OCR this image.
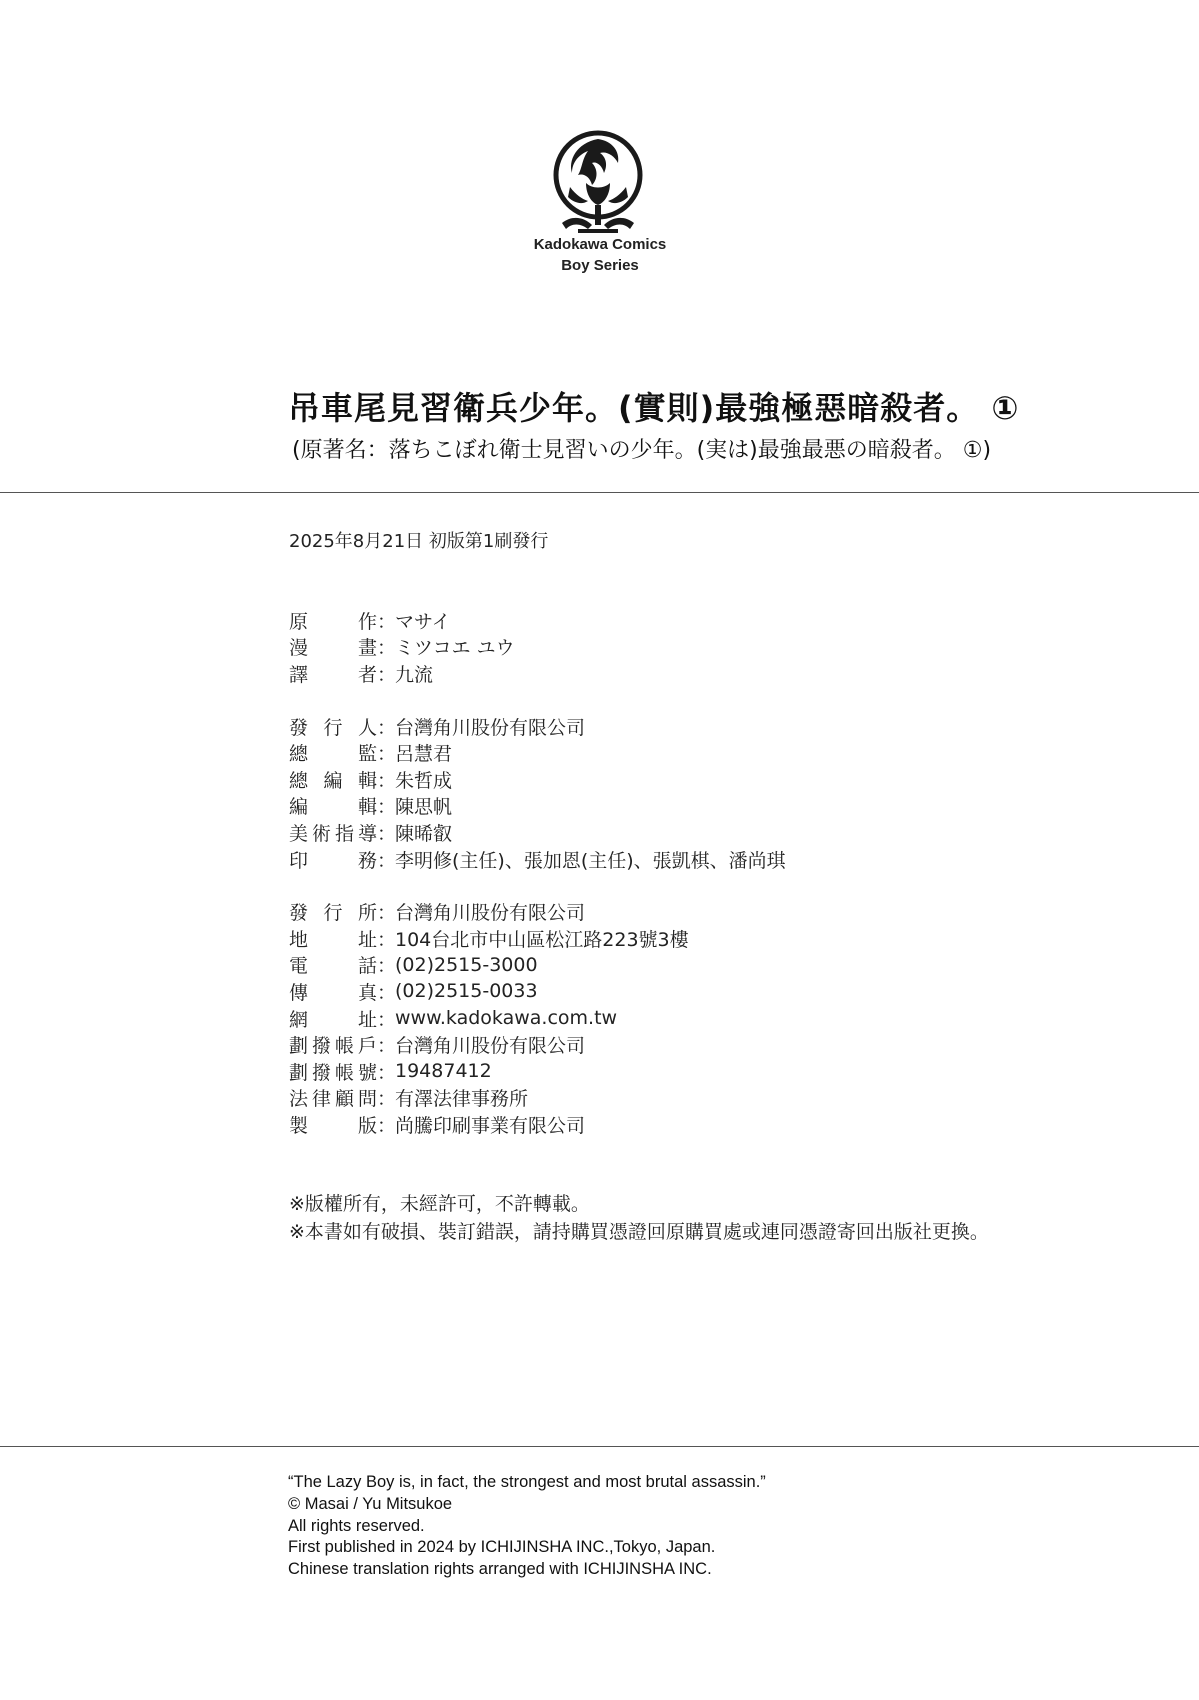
Kadokawa Comics
Boy Series
吊車尾見習衛兵少年。(實則)最強極惡暗殺者。 ①
(原著名：落ちこぼれ衛士見習いの少年。(実は)最強最悪の暗殺者。 ①)
2025年8月21日 初版第1刷發行
原作 ：
マサイ
漫畫 ：
ミツコエ ユウ
譯者 ：
九流
發行人 ：
台灣角川股份有限公司
總監 ：
呂慧君
總編輯 ：
朱哲成
編輯 ：
陳思帆
美術指導 ：
陳晞叡
印務 ：
李明修(主任)、張加恩(主任)、張凱棋、潘尚琪
發行所 ：
台灣角川股份有限公司
地址 ：
104台北市中山區松江路223號3樓
電話 ：
(02)2515-3000
傳真 ：
(02)2515-0033
網址 ：
www.kadokawa.com.tw
劃撥帳戶 ：
台灣角川股份有限公司
劃撥帳號 ：
19487412
法律顧問 ：
有澤法律事務所
製版 ：
尚騰印刷事業有限公司
※版權所有，未經許可，不許轉載。
※本書如有破損、裝訂錯誤，請持購買憑證回原購買處或連同憑證寄回出版社更換。
“The Lazy Boy is, in fact, the strongest and most brutal assassin.”
© Masai / Yu Mitsukoe
All rights reserved.
First published in 2024 by ICHIJINSHA INC.,Tokyo, Japan.
Chinese translation rights arranged with ICHIJINSHA INC.
